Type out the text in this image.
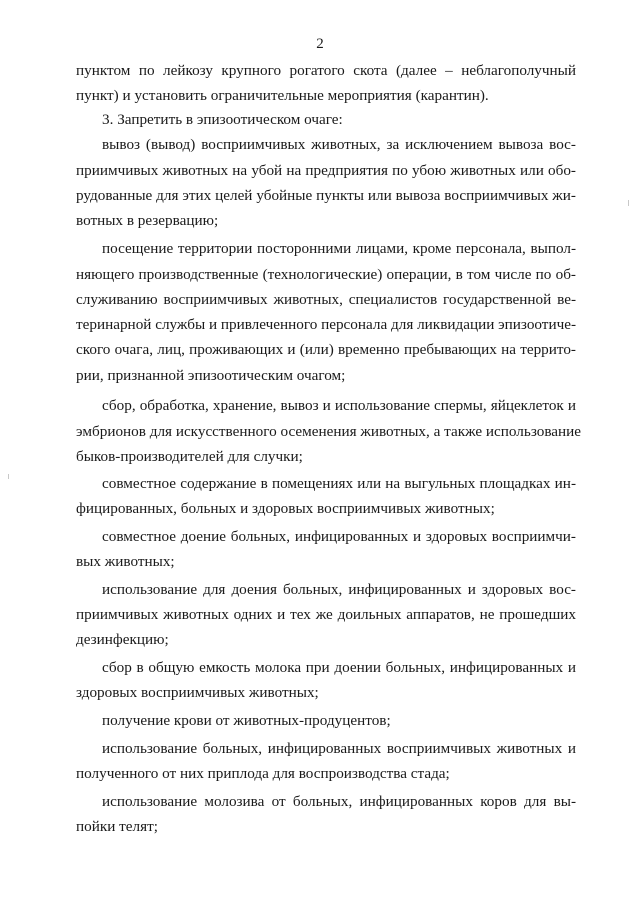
2
пунктом по лейкозу крупного рогатого скота (далее – неблагополучный
пункт) и установить ограничительные мероприятия (карантин).
3. Запретить в эпизоотическом очаге:
вывоз (вывод) восприимчивых животных, за исключением вывоза вос-
приимчивых животных на убой на предприятия по убою животных или обо-
рудованные для этих целей убойные пункты или вывоза восприимчивых жи-
вотных в резервацию;
посещение территории посторонними лицами, кроме персонала, выпол-
няющего производственные (технологические) операции, в том числе по об-
служиванию восприимчивых животных, специалистов государственной ве-
теринарной службы и привлеченного персонала для ликвидации эпизоотиче-
ского очага, лиц, проживающих и (или) временно пребывающих на террито-
рии, признанной эпизоотическим очагом;
сбор, обработка, хранение, вывоз и использование спермы, яйцеклеток и
эмбрионов для искусственного осеменения животных, а также использование
быков-производителей для случки;
совместное содержание в помещениях или на выгульных площадках ин-
фицированных, больных и здоровых восприимчивых животных;
совместное доение больных, инфицированных и здоровых восприимчи-
вых животных;
использование для доения больных, инфицированных и здоровых вос-
приимчивых животных одних и тех же доильных аппаратов, не прошедших
дезинфекцию;
сбор в общую емкость молока при доении больных, инфицированных и
здоровых восприимчивых животных;
получение крови от животных-продуцентов;
использование больных, инфицированных восприимчивых животных и
полученного от них приплода для воспроизводства стада;
использование молозива от больных, инфицированных коров для вы-
пойки телят;
